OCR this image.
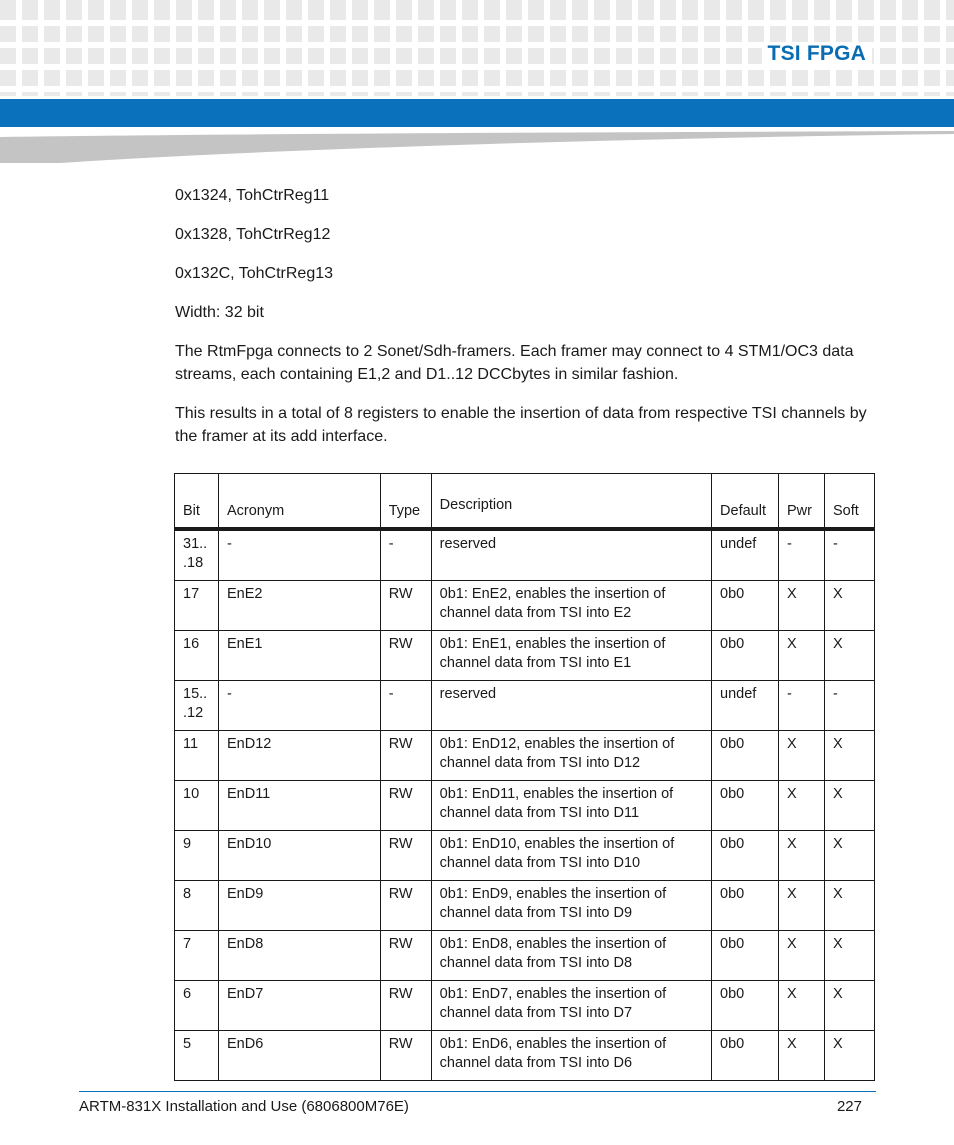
TSI FPGA

0x1324, TohCtrReg11

0x1328, TohCtrReg12

0x132C, TohCtrReg13

Width: 32 bit

The RtmFpga connects to 2 Sonet/Sdh-framers. Each framer may connect to 4 STM1/OC3 data streams, each containing E1,2 and D1..12 DCCbytes in similar fashion.

This results in a total of 8 registers to enable the insertion of data from respective TSI channels by the framer at its add interface.

Bit	Acronym	Type	Description	Default	Pwr	Soft
31..
.18	-	-	reserved	undef	-	-
17	EnE2	RW	0b1: EnE2, enables the insertion of channel data from TSI into E2	0b0	X	X
16	EnE1	RW	0b1: EnE1, enables the insertion of channel data from TSI into E1	0b0	X	X
15..
.12	-	-	reserved	undef	-	-
11	EnD12	RW	0b1: EnD12, enables the insertion of channel data from TSI into D12	0b0	X	X
10	EnD11	RW	0b1: EnD11, enables the insertion of channel data from TSI into D11	0b0	X	X
9	EnD10	RW	0b1: EnD10, enables the insertion of channel data from TSI into D10	0b0	X	X
8	EnD9	RW	0b1: EnD9, enables the insertion of channel data from TSI into D9	0b0	X	X
7	EnD8	RW	0b1: EnD8, enables the insertion of channel data from TSI into D8	0b0	X	X
6	EnD7	RW	0b1: EnD7, enables the insertion of channel data from TSI into D7	0b0	X	X
5	EnD6	RW	0b1: EnD6, enables the insertion of channel data from TSI into D6	0b0	X	X
ARTM-831X Installation and Use (6806800M76E)	227
